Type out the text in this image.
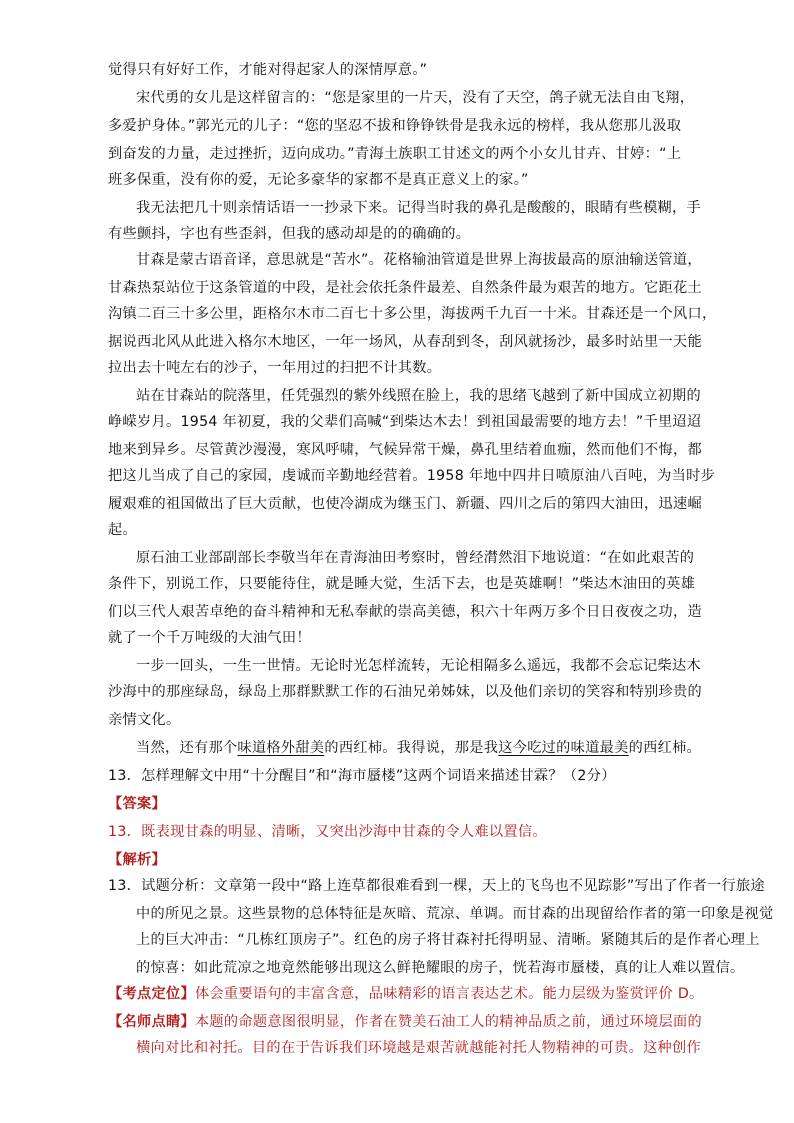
觉得只有好好工作，才能对得起家人的深情厚意。”
宋代勇的女儿是这样留言的：“您是家里的一片天，没有了天空，鸽子就无法自由飞翔，
多爱护身体。”郭光元的儿子：“您的坚忍不拔和铮铮铁骨是我永远的榜样，我从您那儿汲取
到奋发的力量，走过挫折，迈向成功。”青海土族职工甘述文的两个小女儿甘卉、甘婷：“上
班多保重，没有你的爱，无论多豪华的家都不是真正意义上的家。”
我无法把几十则亲情话语一一抄录下来。记得当时我的鼻孔是酸酸的，眼睛有些模糊，手
有些颤抖，字也有些歪斜，但我的感动却是的的确确的。
甘森是蒙古语音译，意思就是“苦水”。花格输油管道是世界上海拔最高的原油输送管道，
甘森热泵站位于这条管道的中段，是社会依托条件最差、自然条件最为艰苦的地方。它距花土
沟镇二百三十多公里，距格尔木市二百七十多公里，海拔两千九百一十米。甘森还是一个风口，
据说西北风从此进入格尔木地区，一年一场风，从春刮到冬，刮风就扬沙，最多时站里一天能
拉出去十吨左右的沙子，一年用过的扫把不计其数。
站在甘森站的院落里，任凭强烈的紫外线照在脸上，我的思绪飞越到了新中国成立初期的
峥嵘岁月。1954 年初夏，我的父辈们高喊“到柴达木去！到祖国最需要的地方去！”千里迢迢
地来到异乡。尽管黄沙漫漫，寒风呼啸，气候异常干燥，鼻孔里结着血痂，然而他们不悔，都
把这儿当成了自己的家园，虔诚而辛勤地经营着。1958 年地中四井日喷原油八百吨，为当时步
履艰难的祖国做出了巨大贡献，也使冷湖成为继玉门、新疆、四川之后的第四大油田，迅速崛
起。
原石油工业部副部长李敬当年在青海油田考察时，曾经潸然泪下地说道：“在如此艰苦的
条件下，别说工作，只要能待住，就是睡大觉，生活下去，也是英雄啊！”柴达木油田的英雄
们以三代人艰苦卓绝的奋斗精神和无私奉献的崇高美德，积六十年两万多个日日夜夜之功，造
就了一个千万吨级的大油气田！
一步一回头，一生一世情。无论时光怎样流转，无论相隔多么遥远，我都不会忘记柴达木
沙海中的那座绿岛，绿岛上那群默默工作的石油兄弟姊妹，以及他们亲切的笑容和特别珍贵的
亲情文化。
当然，还有那个味道格外甜美的西红柿。我得说，那是我这今吃过的味道最美的西红柿。
13．怎样理解文中用“十分醒目”和“海市蜃楼”这两个词语来描述甘霖？（2分）
【答案】
13．既表现甘森的明显、清晰，又突出沙海中甘森的令人难以置信。
【解析】
13．试题分析：文章第一段中“路上连草都很难看到一棵，天上的飞鸟也不见踪影”写出了作者一行旅途
中的所见之景。这些景物的总体特征是灰暗、荒凉、单调。而甘森的出现留给作者的第一印象是视觉
上的巨大冲击：“几栋红顶房子”。红色的房子将甘森衬托得明显、清晰。紧随其后的是作者心理上
的惊喜：如此荒凉之地竟然能够出现这么鲜艳耀眼的房子，恍若海市蜃楼，真的让人难以置信。
【考点定位】体会重要语句的丰富含意，品味精彩的语言表达艺术。能力层级为鉴赏评价 D。
【名师点睛】本题的命题意图很明显，作者在赞美石油工人的精神品质之前，通过环境层面的
横向对比和衬托。目的在于告诉我们环境越是艰苦就越能衬托人物精神的可贵。这种创作
